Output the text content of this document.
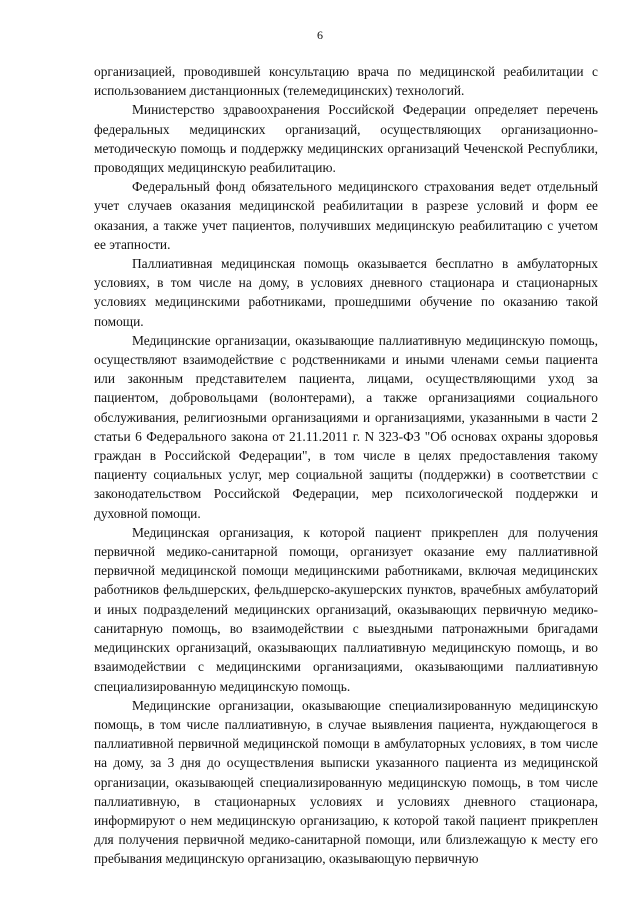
6

организацией, проводившей консультацию врача по медицинской реабилитации с использованием дистанционных (телемедицинских) технологий.

Министерство здравоохранения Российской Федерации определяет перечень федеральных медицинских организаций, осуществляющих организационно-методическую помощь и поддержку медицинских организаций Чеченской Республики, проводящих медицинскую реабилитацию.

Федеральный фонд обязательного медицинского страхования ведет отдельный учет случаев оказания медицинской реабилитации в разрезе условий и форм ее оказания, а также учет пациентов, получивших медицинскую реабилитацию с учетом ее этапности.

Паллиативная медицинская помощь оказывается бесплатно в амбулаторных условиях, в том числе на дому, в условиях дневного стационара и стационарных условиях медицинскими работниками, прошедшими обучение по оказанию такой помощи.

Медицинские организации, оказывающие паллиативную медицинскую помощь, осуществляют взаимодействие с родственниками и иными членами семьи пациента или законным представителем пациента, лицами, осуществляющими уход за пациентом, добровольцами (волонтерами), а также организациями социального обслуживания, религиозными организациями и организациями, указанными в части 2 статьи 6 Федерального закона от 21.11.2011 г. N 323-ФЗ "Об основах охраны здоровья граждан в Российской Федерации", в том числе в целях предоставления такому пациенту социальных услуг, мер социальной защиты (поддержки) в соответствии с законодательством Российской Федерации, мер психологической поддержки и духовной помощи.

Медицинская организация, к которой пациент прикреплен для получения первичной медико-санитарной помощи, организует оказание ему паллиативной первичной медицинской помощи медицинскими работниками, включая медицинских работников фельдшерских, фельдшерско-акушерских пунктов, врачебных амбулаторий и иных подразделений медицинских организаций, оказывающих первичную медико-санитарную помощь, во взаимодействии с выездными патронажными бригадами медицинских организаций, оказывающих паллиативную медицинскую помощь, и во взаимодействии с медицинскими организациями, оказывающими паллиативную специализированную медицинскую помощь.

Медицинские организации, оказывающие специализированную медицинскую помощь, в том числе паллиативную, в случае выявления пациента, нуждающегося в паллиативной первичной медицинской помощи в амбулаторных условиях, в том числе на дому, за 3 дня до осуществления выписки указанного пациента из медицинской организации, оказывающей специализированную медицинскую помощь, в том числе паллиативную, в стационарных условиях и условиях дневного стационара, информируют о нем медицинскую организацию, к которой такой пациент прикреплен для получения первичной медико-санитарной помощи, или близлежащую к месту его пребывания медицинскую организацию, оказывающую первичную
